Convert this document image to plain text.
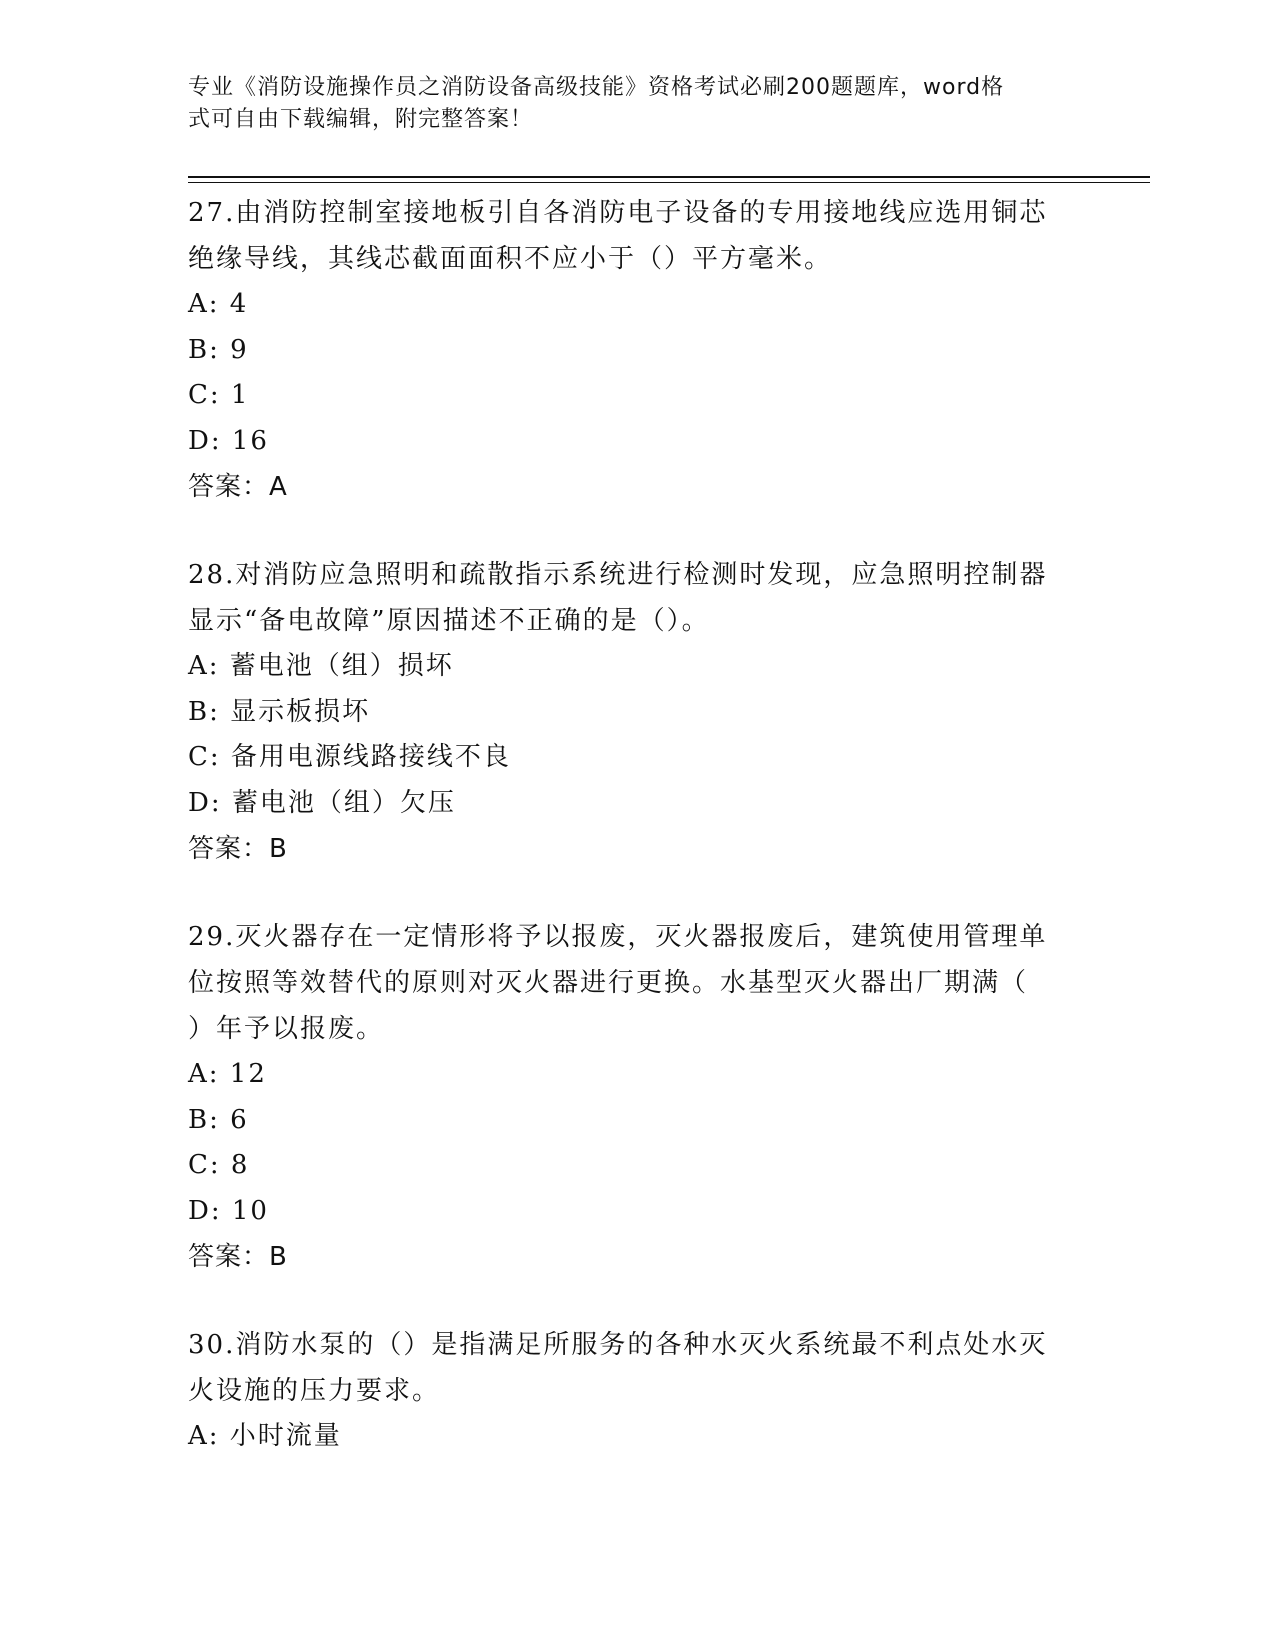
专业《消防设施操作员之消防设备高级技能》资格考试必刷200题题库，word格
式可自由下载编辑，附完整答案！

27.由消防控制室接地板引自各消防电子设备的专用接地线应选用铜芯

绝缘导线，其线芯截面面积不应小于（）平方毫米。

A: 4

B: 9

C: 1

D: 16

答案：A

28.对消防应急照明和疏散指示系统进行检测时发现，应急照明控制器

显示“备电故障”原因描述不正确的是（）。

A: 蓄电池（组）损坏

B: 显示板损坏

C: 备用电源线路接线不良

D: 蓄电池（组）欠压

答案：B

29.灭火器存在一定情形将予以报废，灭火器报废后，建筑使用管理单

位按照等效替代的原则对灭火器进行更换。水基型灭火器出厂期满（

）年予以报废。

A: 12

B: 6

C: 8

D: 10

答案：B

30.消防水泵的（）是指满足所服务的各种水灭火系统最不利点处水灭

火设施的压力要求。

A: 小时流量
